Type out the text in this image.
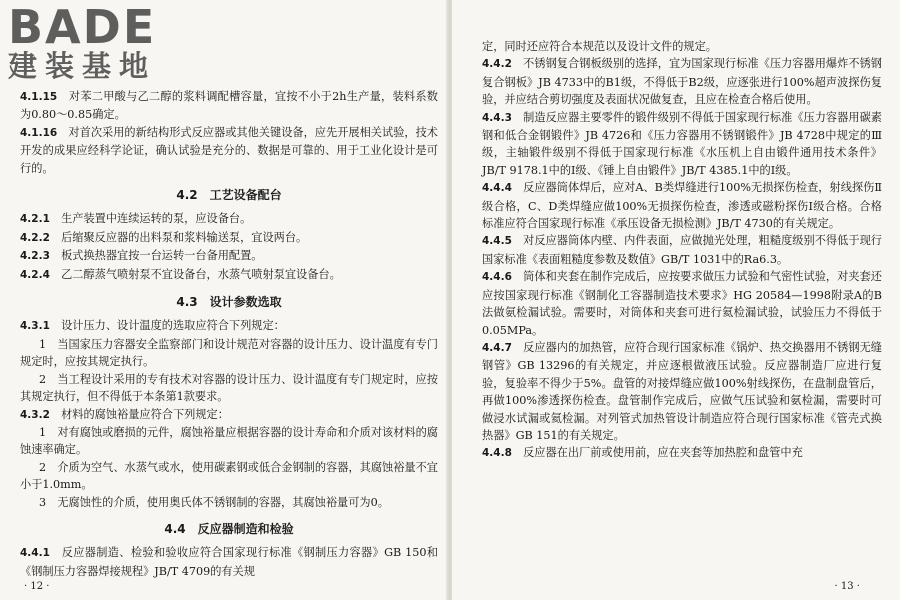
4.1.15　 对苯二甲酸与乙二醇的浆料调配槽容量，宜按不小于2h生产量，装料系数为0.80～0.85确定。

4.1.16　 对首次采用的新结构形式反应器或其他关键设备，应先开展相关试验，技术开发的成果应经科学论证，确认试验是充分的、数据是可靠的、用于工业化设计是可行的。

4.2　工艺设备配台

4.2.1　 生产装置中连续运转的泵，应设备台。

4.2.2　 后缩聚反应器的出料泵和浆料输送泵，宜设两台。

4.2.3　 板式换热器宜按一台运转一台备用配置。

4.2.4　 乙二醇蒸气喷射泵不宜设备台，水蒸气喷射泵宜设备台。

4.3　设计参数选取

4.3.1　 设计压力、设计温度的选取应符合下列规定：

1　当国家压力容器安全监察部门和设计规范对容器的设计压力、设计温度有专门规定时，应按其规定执行。

2　当工程设计采用的专有技术对容器的设计压力、设计温度有专门规定时，应按其规定执行，但不得低于本条第1款要求。

4.3.2　 材料的腐蚀裕量应符合下列规定：

1　对有腐蚀或磨损的元件，腐蚀裕量应根据容器的设计寿命和介质对该材料的腐蚀速率确定。

2　介质为空气、水蒸气或水，使用碳素钢或低合金钢制的容器，其腐蚀裕量不宜小于1.0mm。

3　无腐蚀性的介质，使用奥氏体不锈钢制的容器，其腐蚀裕量可为0。

4.4　反应器制造和检验

4.4.1　 反应器制造、检验和验收应符合国家现行标准《钢制压力容器》GB 150和《钢制压力容器焊接规程》JB/T 4709的有关规

· 12 ·

定，同时还应符合本规范以及设计文件的规定。

4.4.2　 不锈钢复合钢板级别的选择，宜为国家现行标准《压力容器用爆炸不锈钢复合钢板》JB 4733中的B1级，不得低于B2级，应逐张进行100%超声波探伤复验，并应结合剪切强度及表面状况做复查，且应在检查合格后使用。

4.4.3　 制造反应器主要零件的锻件级别不得低于国家现行标准《压力容器用碳素钢和低合金钢锻件》JB 4726和《压力容器用不锈钢锻件》JB 4728中规定的Ⅲ级，主轴锻件级别不得低于国家现行标准《水压机上自由锻件通用技术条件》JB/T 9178.1中的Ⅰ级、《锤上自由锻件》JB/T 4385.1中的Ⅰ级。

4.4.4　 反应器筒体焊后，应对A、B类焊缝进行100%无损探伤检查，射线探伤Ⅱ级合格，C、D类焊缝应做100%无损探伤检查，渗透或磁粉探伤Ⅰ级合格。合格标准应符合国家现行标准《承压设备无损检测》JB/T 4730的有关规定。

4.4.5　 对反应器筒体内壁、内件表面，应做抛光处理，粗糙度级别不得低于现行国家标准《表面粗糙度参数及数值》GB/T 1031中的Ra6.3。

4.4.6　 筒体和夹套在制作完成后，应按要求做压力试验和气密性试验，对夹套还应按国家现行标准《钢制化工容器制造技术要求》HG 20584—1998附录A的B法做氨检漏试验。需要时，对筒体和夹套可进行氦检漏试验，试验压力不得低于0.05MPa。

4.4.7　 反应器内的加热管，应符合现行国家标准《锅炉、热交换器用不锈钢无缝钢管》GB 13296的有关规定，并应逐根做液压试验。反应器制造厂应进行复验，复验率不得少于5%。盘管的对接焊缝应做100%射线探伤，在盘制盘管后，再做100%渗透探伤检查。盘管制作完成后，应做气压试验和氨检漏，需要时可做浸水试漏或氦检漏。对列管式加热管设计制造应符合现行国家标准《管壳式换热器》GB 151的有关规定。

4.4.8　 反应器在出厂前或使用前，应在夹套等加热腔和盘管中充

· 13 ·
BADE
建装基地
